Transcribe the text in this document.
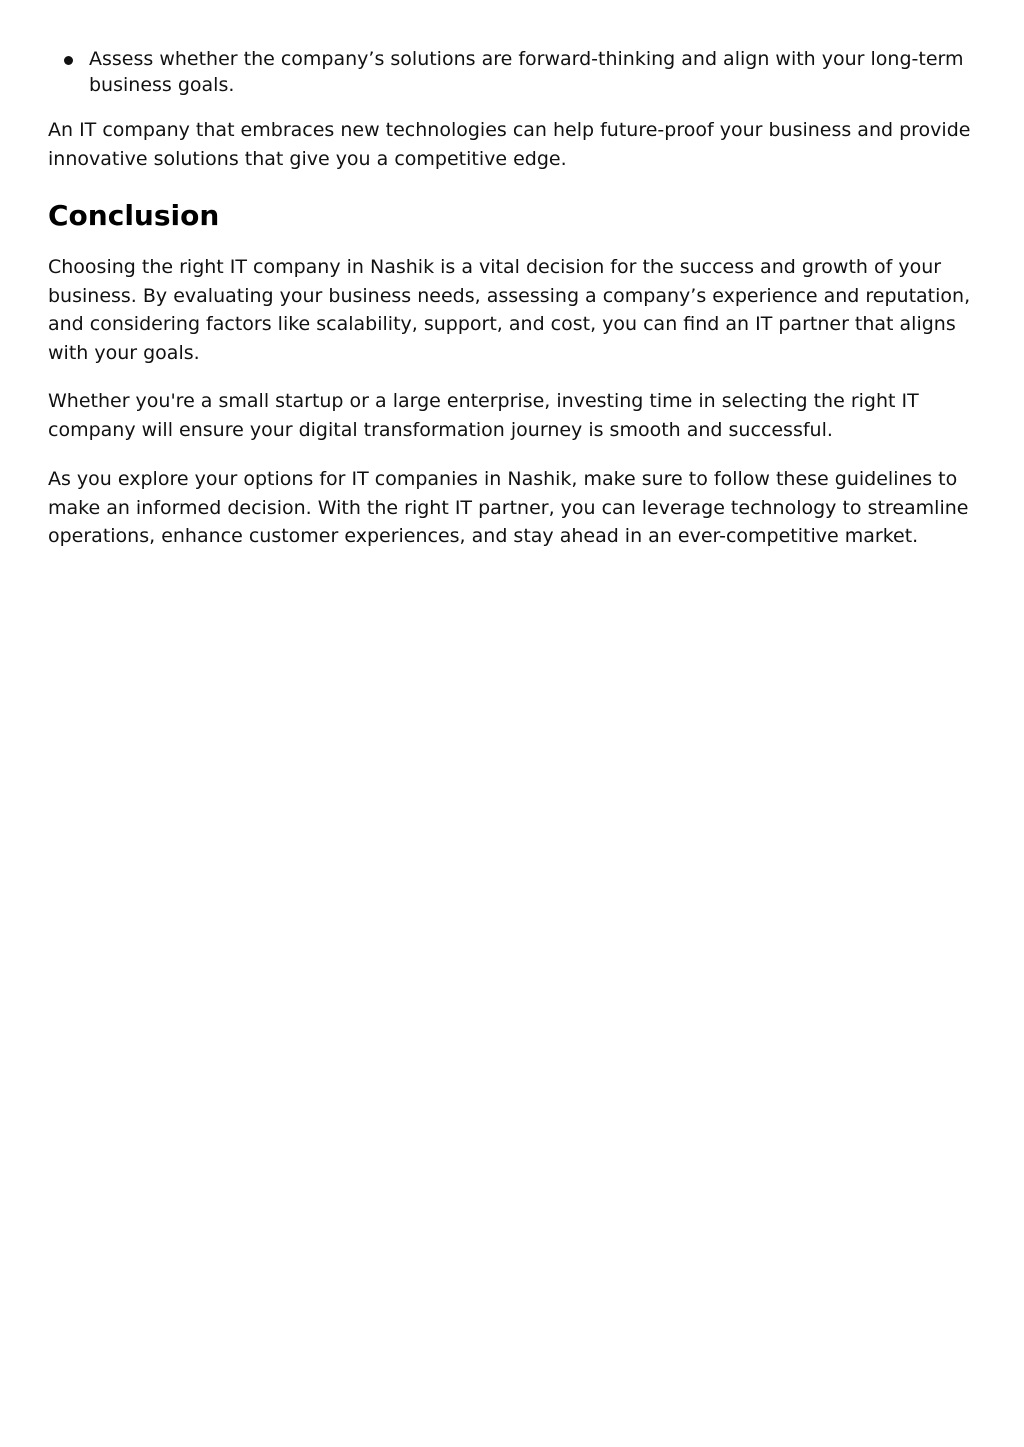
Assess whether the company’s solutions are forward-thinking and align with your long-term business goals.

An IT company that embraces new technologies can help future-proof your business and provide innovative solutions that give you a competitive edge.

Conclusion

Choosing the right IT company in Nashik is a vital decision for the success and growth of your business. By evaluating your business needs, assessing a company’s experience and reputation, and considering factors like scalability, support, and cost, you can find an IT partner that aligns with your goals.

Whether you're a small startup or a large enterprise, investing time in selecting the right IT company will ensure your digital transformation journey is smooth and successful.

As you explore your options for IT companies in Nashik, make sure to follow these guidelines to make an informed decision. With the right IT partner, you can leverage technology to streamline operations, enhance customer experiences, and stay ahead in an ever-competitive market.
